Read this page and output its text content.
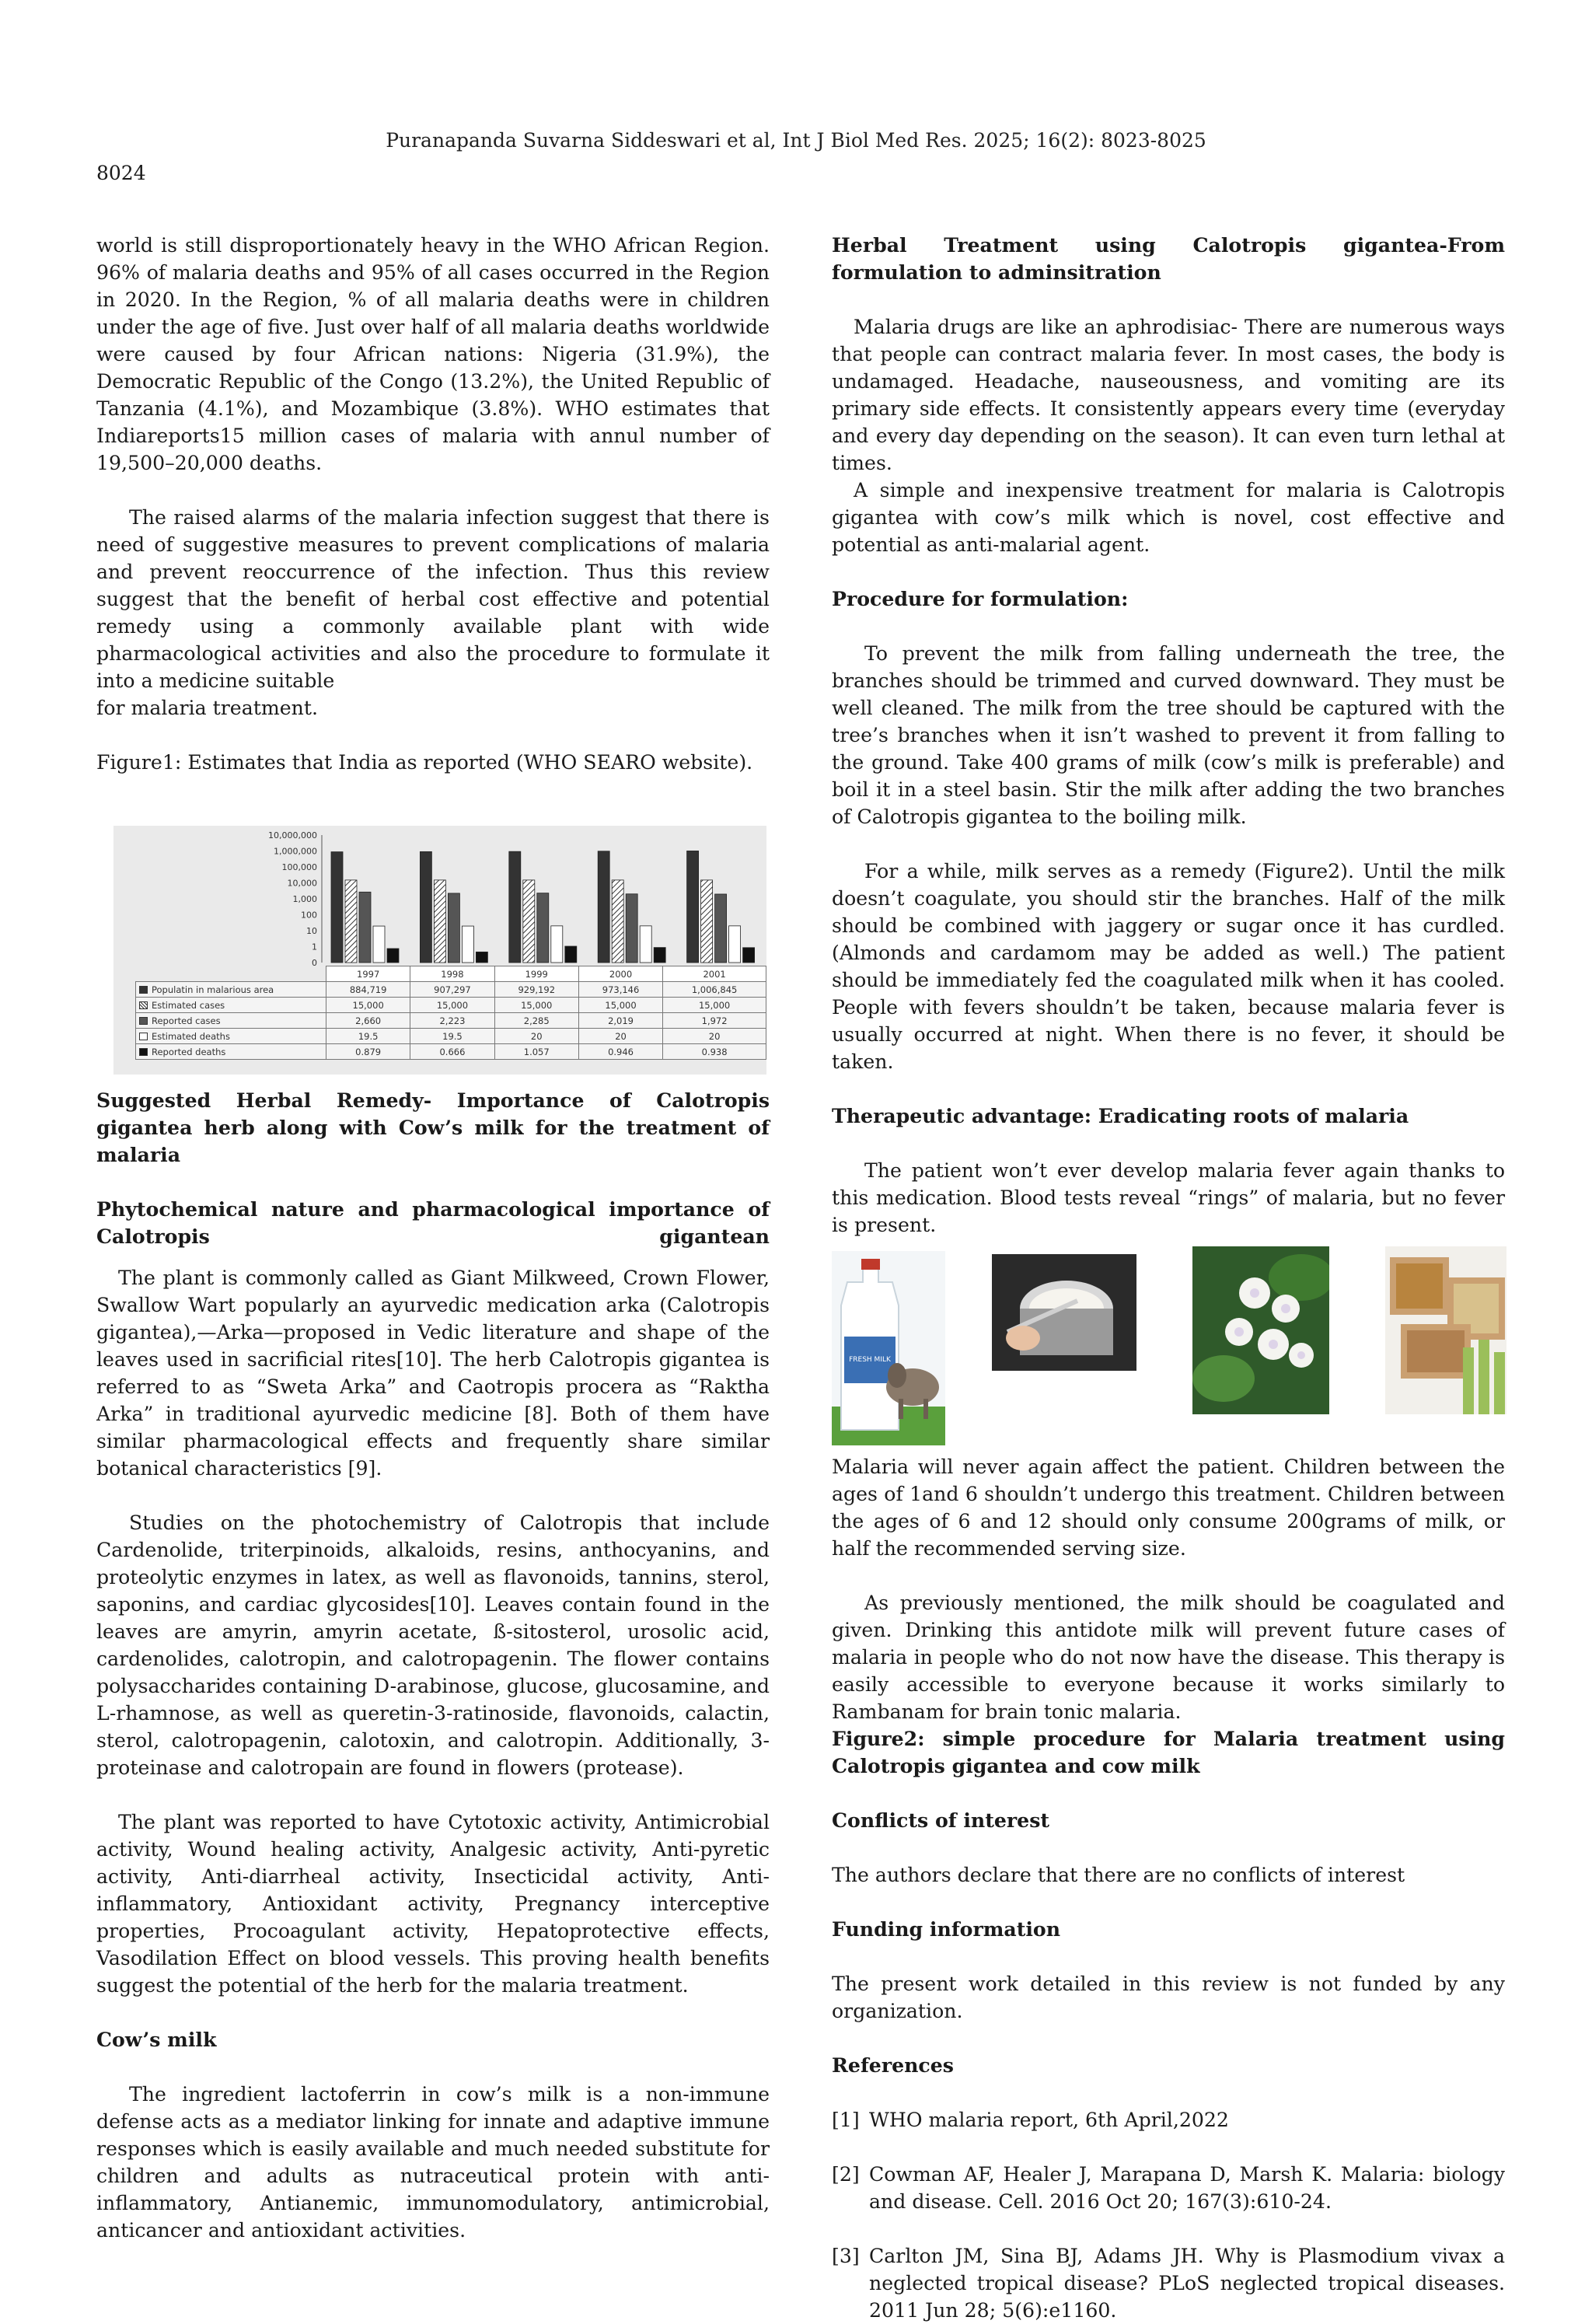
Puranapanda Suvarna Siddeswari et al, Int J Biol Med Res. 2025; 16(2): 8023-8025
8024

world is still disproportionately heavy in the WHO African Region. 96% of malaria deaths and 95% of all cases occurred in the Region in 2020. In the Region, % of all malaria deaths were in children under the age of five. Just over half of all malaria deaths worldwide were caused by four African nations: Nigeria (31.9%), the Democratic Republic of the Congo (13.2%), the United Republic of Tanzania (4.1%), and Mozambique (3.8%). WHO estimates that Indiareports15 million cases of malaria with annul number of 19,500–20,000 deaths.

The raised alarms of the malaria infection suggest that there is need of suggestive measures to prevent complications of malaria and prevent reoccurrence of the infection. Thus this review suggest that the benefit of herbal cost effective and potential remedy using a commonly available plant with wide pharmacological activities and also the procedure to formulate it into a medicine suitable

for malaria treatment.

Figure1: Estimates that India as reported (WHO SEARO website).

10,000,000
1,000,000
100,000
10,000
1,000
100
10
1
0
	1997	1998	1999	2000	2001
Populatin in malarious area	884,719	907,297	929,192	973,146	1,006,845
Estimated cases	15,000	15,000	15,000	15,000	15,000
Reported cases	2,660	2,223	2,285	2,019	1,972
Estimated deaths	19.5	19.5	20	20	20
Reported deaths	0.879	0.666	1.057	0.946	0.938
Suggested Herbal Remedy- Importance of Calotropis gigantea herb along with Cow’s milk for the treatment of malaria
Phytochemical nature and pharmacological importance of Calotropis gigantean

The plant is commonly called as Giant Milkweed, Crown Flower, Swallow Wart popularly an ayurvedic medication arka (Calotropis gigantea),—Arka—proposed in Vedic literature and shape of the leaves used in sacrificial rites[10]. The herb Calotropis gigantea is referred to as “Sweta Arka” and Caotropis procera as “Raktha Arka” in traditional ayurvedic medicine [8]. Both of them have similar pharmacological effects and frequently share similar botanical characteristics [9].

Studies on the photochemistry of Calotropis that include Cardenolide, triterpinoids, alkaloids, resins, anthocyanins, and proteolytic enzymes in latex, as well as flavonoids, tannins, sterol, saponins, and cardiac glycosides[10]. Leaves contain found in the leaves are amyrin, amyrin acetate, ß-sitosterol, urosolic acid, cardenolides, calotropin, and calotropagenin. The flower contains polysaccharides containing D-arabinose, glucose, glucosamine, and L-rhamnose, as well as queretin-3-ratinoside, flavonoids, calactin, sterol, calotropagenin, calotoxin, and calotropin. Additionally, 3-proteinase and calotropain are found in flowers (protease).

The plant was reported to have Cytotoxic activity, Antimicrobial activity, Wound healing activity, Analgesic activity, Anti-pyretic activity, Anti-diarrheal activity, Insecticidal activity, Anti-inflammatory, Antioxidant activity, Pregnancy interceptive properties, Procoagulant activity, Hepatoprotective effects, Vasodilation Effect on blood vessels. This proving health benefits suggest the potential of the herb for the malaria treatment.

Cow’s milk

The ingredient lactoferrin in cow’s milk is a non-immune defense acts as a mediator linking for innate and adaptive immune responses which is easily available and much needed substitute for children and adults as nutraceutical protein with anti-inflammatory, Antianemic, immunomodulatory, antimicrobial, anticancer and antioxidant activities.

Herbal Treatment using Calotropis gigantea-From formulation to adminsitration

Malaria drugs are like an aphrodisiac- There are numerous ways that people can contract malaria fever. In most cases, the body is undamaged. Headache, nauseousness, and vomiting are its primary side effects. It consistently appears every time (everyday and every day depending on the season). It can even turn lethal at times.

A simple and inexpensive treatment for malaria is Calotropis gigantea with cow’s milk which is novel, cost effective and potential as anti-malarial agent.

Procedure for formulation:

To prevent the milk from falling underneath the tree, the branches should be trimmed and curved downward. They must be well cleaned. The milk from the tree should be captured with the tree’s branches when it isn’t washed to prevent it from falling to the ground. Take 400 grams of milk (cow’s milk is preferable) and boil it in a steel basin. Stir the milk after adding the two branches of Calotropis gigantea to the boiling milk.

For a while, milk serves as a remedy (Figure2). Until the milk doesn’t coagulate, you should stir the branches. Half of the milk should be combined with jaggery or sugar once it has curdled. (Almonds and cardamom may be added as well.) The patient should be immediately fed the coagulated milk when it has cooled. People with fevers shouldn’t be taken, because malaria fever is usually occurred at night. When there is no fever, it should be taken.

Therapeutic advantage: Eradicating roots of malaria

The patient won’t ever develop malaria fever again thanks to this medication. Blood tests reveal “rings” of malaria, but no fever is present.

FRESH MILK

Malaria will never again affect the patient. Children between the ages of 1and 6 shouldn’t undergo this treatment. Children between the ages of 6 and 12 should only consume 200grams of milk, or half the recommended serving size.

As previously mentioned, the milk should be coagulated and given. Drinking this antidote milk will prevent future cases of malaria in people who do not now have the disease. This therapy is easily accessible to everyone because it works similarly to Rambanam for brain tonic malaria.

Figure2: simple procedure for Malaria treatment using Calotropis gigantea and cow milk
Conflicts of interest

The authors declare that there are no conflicts of interest

Funding information

The present work detailed in this review is not funded by any organization.

References
[1] WHO malaria report, 6th April,2022
[2] Cowman AF, Healer J, Marapana D, Marsh K. Malaria: biology and disease. Cell. 2016 Oct 20; 167(3):610-24.
[3] Carlton JM, Sina BJ, Adams JH. Why is Plasmodium vivax a neglected tropical disease? PLoS neglected tropical diseases. 2011 Jun 28; 5(6):e1160.
